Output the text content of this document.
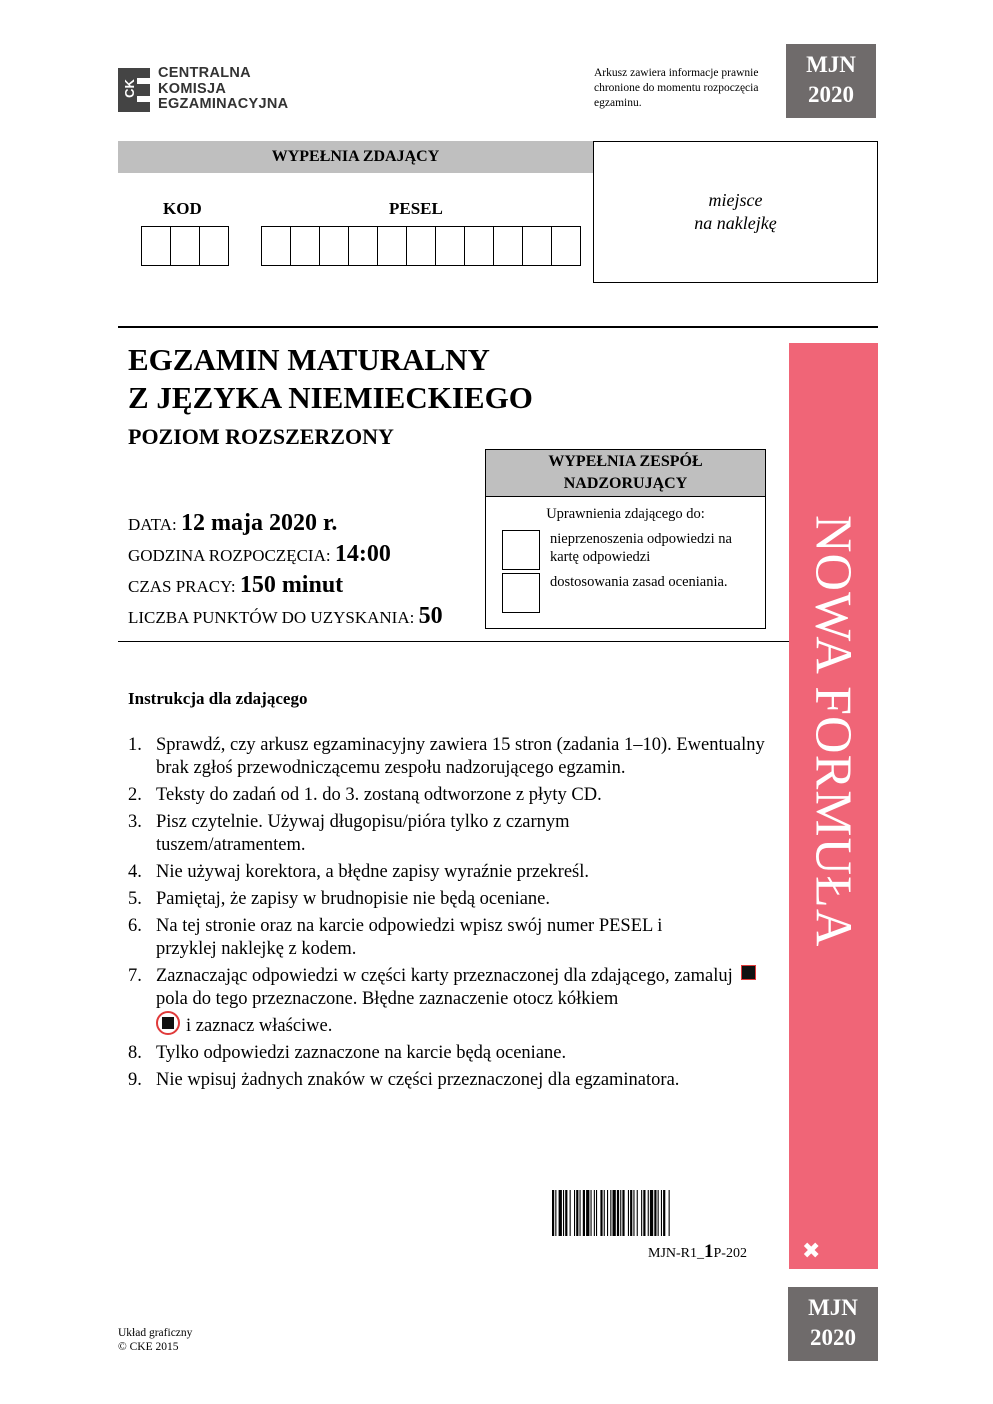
CK
CENTRALNA
KOMISJA
EGZAMINACYJNA
Arkusz zawiera informacje prawnie chronione do momentu rozpoczęcia egzaminu.
MJN
2020
WYPEŁNIA ZDAJĄCY
KOD	PESEL	miejsce
na naklejkę
EGZAMIN MATURALNY
Z JĘZYKA NIEMIECKIEGO
POZIOM ROZSZERZONY
DATA: 12 maja 2020 r.
GODZINA ROZPOCZĘCIA: 14:00
CZAS PRACY: 150 minut
LICZBA PUNKTÓW DO UZYSKANIA: 50
WYPEŁNIA ZESPÓŁ
NADZORUJĄCY
Uprawnienia zdającego do:
nieprzenoszenia odpowiedzi na kartę odpowiedzi
dostosowania zasad oceniania.	NOWA FORMUŁA
✖
Instrukcja dla zdającego
1. Sprawdź, czy arkusz egzaminacyjny zawiera 15 stron (zadania 1–10). Ewentualny brak zgłoś przewodniczącemu zespołu nadzorującego egzamin.
2. Teksty do zadań od 1. do 3. zostaną odtworzone z płyty CD.
3. Pisz czytelnie. Używaj długopisu/pióra tylko z czarnym tuszem/atramentem.
4. Nie używaj korektora, a błędne zapisy wyraźnie przekreśl.
5. Pamiętaj, że zapisy w brudnopisie nie będą oceniane.
6. Na tej stronie oraz na karcie odpowiedzi wpisz swój numer PESEL i przyklej naklejkę z kodem.
7. Zaznaczając odpowiedzi w części karty przeznaczonej dla zdającego, zamalujpola do tego przeznaczone. Błędne zaznaczenie otocz kółkiem
i zaznacz właściwe.
8. Tylko odpowiedzi zaznaczone na karcie będą oceniane.
9. Nie wpisuj żadnych znaków w części przeznaczonej dla egzaminatora.
MJN-R1_1P-202
MJN
2020
Układ graficzny
© CKE 2015
